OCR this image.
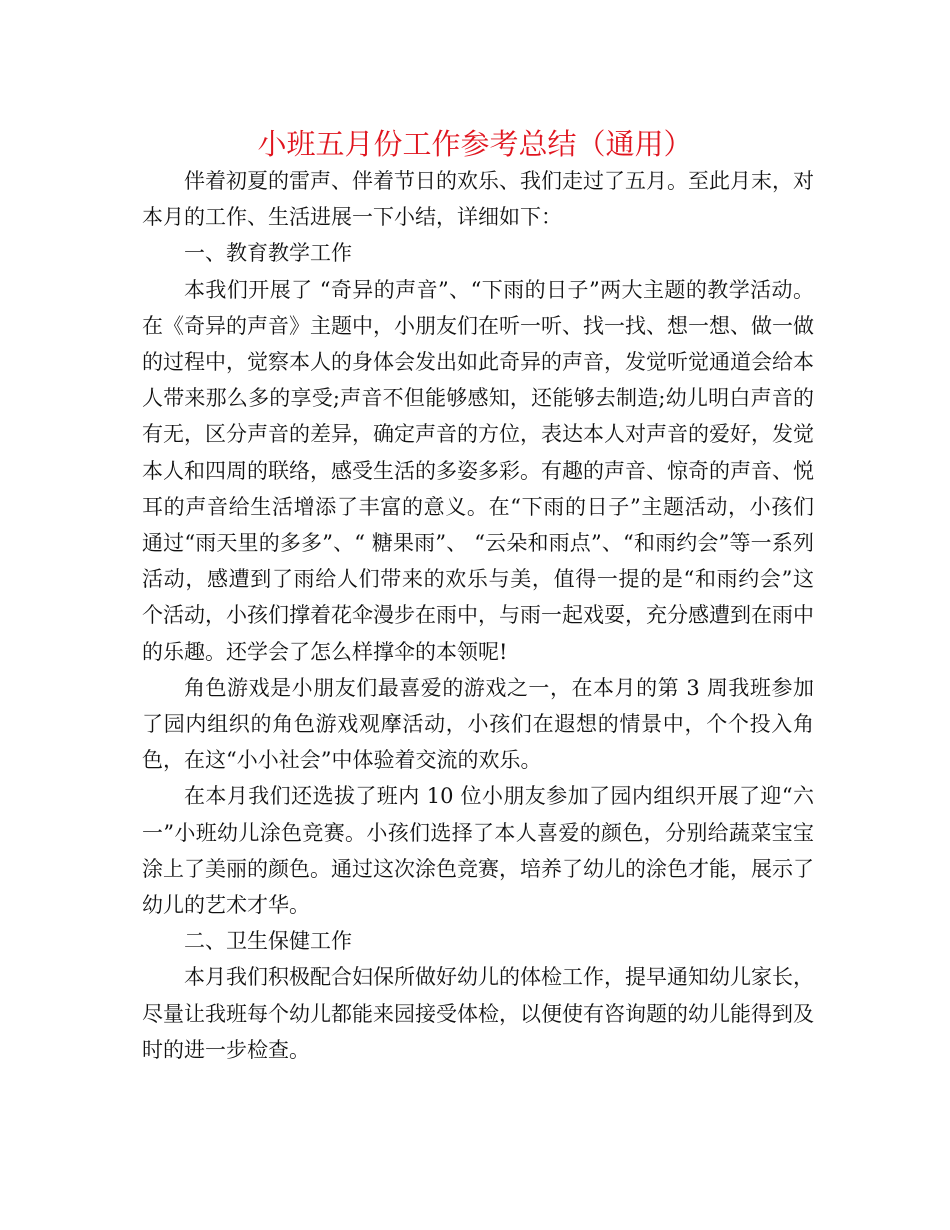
小班五月份工作参考总结（通用）

伴着初夏的雷声、伴着节日的欢乐、我们走过了五月。至此月末，对本月的工作、生活进展一下小结，详细如下：

一、教育教学工作

本我们开展了 “奇异的声音”、“下雨的日子”两大主题的教学活动。 在《奇异的声音》主题中，小朋友们在听一听、找一找、想一想、做一做的过程中，觉察本人的身体会发出如此奇异的声音，发觉听觉通道会给本人带来那么多的享受;声音不但能够感知，还能够去制造;幼儿明白声音的有无，区分声音的差异，确定声音的方位，表达本人对声音的爱好，发觉本人和四周的联络，感受生活的多姿多彩。有趣的声音、惊奇的声音、悦耳的声音给生活增添了丰富的意义。在“下雨的日子”主题活动，小孩们通过“雨天里的多多”、“ 糖果雨”、 “云朵和雨点”、“和雨约会”等一系列活动，感遭到了雨给人们带来的欢乐与美，值得一提的是“和雨约会”这个活动，小孩们撑着花伞漫步在雨中，与雨一起戏耍，充分感遭到在雨中的乐趣。还学会了怎么样撑伞的本领呢!

角色游戏是小朋友们最喜爱的游戏之一，在本月的第 3 周我班参加了园内组织的角色游戏观摩活动，小孩们在遐想的情景中，个个投入角色，在这“小小社会”中体验着交流的欢乐。

在本月我们还选拔了班内 10 位小朋友参加了园内组织开展了迎“六一”小班幼儿涂色竞赛。小孩们选择了本人喜爱的颜色，分别给蔬菜宝宝涂上了美丽的颜色。通过这次涂色竞赛，培养了幼儿的涂色才能，展示了幼儿的艺术才华。

二、卫生保健工作

本月我们积极配合妇保所做好幼儿的体检工作，提早通知幼儿家长，尽量让我班每个幼儿都能来园接受体检，以便使有咨询题的幼儿能得到及时的进一步检查。
